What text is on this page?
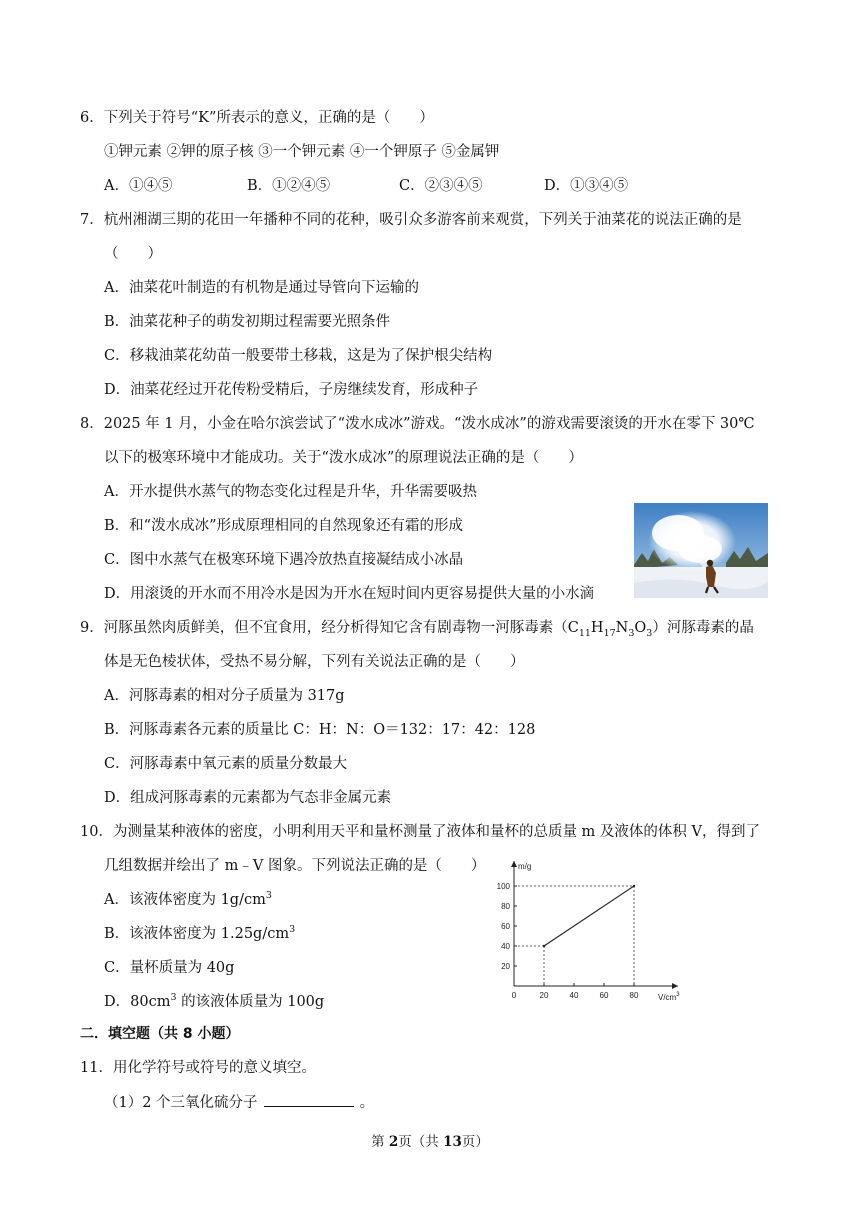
6．下列关于符号“K”所表示的意义，正确的是（　　）
①钾元素 ②钾的原子核 ③一个钾元素 ④一个钾原子 ⑤金属钾
A．①④⑤	B．①②④⑤	C．②③④⑤	D．①③④⑤
7．杭州湘湖三期的花田一年播种不同的花种，吸引众多游客前来观赏，下列关于油菜花的说法正确的是
（　　）
A．油菜花叶制造的有机物是通过导管向下运输的
B．油菜花种子的萌发初期过程需要光照条件
C．移栽油菜花幼苗一般要带土移栽，这是为了保护根尖结构
D．油菜花经过开花传粉受精后，子房继续发育，形成种子
8．2025 年 1 月，小金在哈尔滨尝试了“泼水成冰”游戏。“泼水成冰”的游戏需要滚烫的开水在零下 30℃
以下的极寒环境中才能成功。关于“泼水成冰”的原理说法正确的是（　　）
A．开水提供水蒸气的物态变化过程是升华，升华需要吸热
B．和“泼水成冰”形成原理相同的自然现象还有霜的形成
C．图中水蒸气在极寒环境下遇冷放热直接凝结成小冰晶
D．用滚烫的开水而不用冷水是因为开水在短时间内更容易提供大量的小水滴
9．河豚虽然肉质鲜美，但不宜食用，经分析得知它含有剧毒物一河豚毒素$(C_{11}H_{17}N_3O_3)$河豚毒素的晶
体是无色棱状体，受热不易分解，下列有关说法正确的是（　　）
A．河豚毒素的相对分子质量为 317g
B．河豚毒素各元素的质量比 C：H：N：O＝132：17：42：128
C．河豚毒素中氧元素的质量分数最大
D．组成河豚毒素的元素都为气态非金属元素
10．为测量某种液体的密度，小明利用天平和量杯测量了液体和量杯的总质量 m 及液体的体积 V，得到了
几组数据并绘出了 m﹣V 图象。下列说法正确的是（　　）
A．该液体密度为 $1g/cm^3$
B．该液体密度为 $1.25g/cm^3$
C．量杯质量为 40g
D．$80cm^3$ 的该液体质量为 100g	0	20	40	60	80
20
40
60
80
100
m/g
$V/cm^3$
二．填空题（共 8 小题）
11．用化学符号或符号的意义填空。
（1）2 个三氧化硫分子	。
第 2页（共 13页）
